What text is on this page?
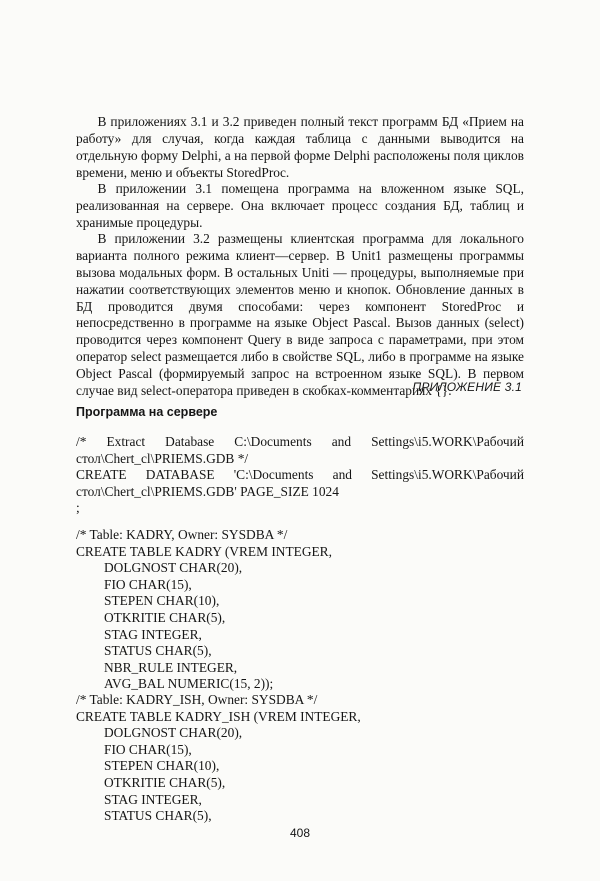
В приложениях 3.1 и 3.2 приведен полный текст программ БД «Прием на работу» для случая, когда каждая таблица с данными выводится на отдельную форму Delphi, а на первой форме Delphi расположены поля циклов времени, меню и объекты StoredProc.

В приложении 3.1 помещена программа на вложенном языке SQL, реализованная на сервере. Она включает процесс создания БД, таблиц и хранимые процедуры.

В приложении 3.2 размещены клиентская программа для локального варианта полного режима клиент—сервер. В Unit1 размещены программы вызова модальных форм. В остальных Uniti — процедуры, выполняемые при нажатии соответствующих элементов меню и кнопок. Обновление данных в БД проводится двумя способами: через компонент StoredProc и непосредственно в программе на языке Object Pascal. Вызов данных (select) проводится через компонент Query в виде запроса с параметрами, при этом оператор select размещается либо в свойстве SQL, либо в программе на языке Object Pascal (формируемый запрос на встроенном языке SQL). В первом случае вид select-оператора приведен в скобках-комментариях {}.

ПРИЛОЖЕНИЕ 3.1
Программа на сервере
/* Extract Database C:\Documents and Settings\i5.WORK\Рабочий
стол\Chert_cl\PRIEMS.GDB */
CREATE DATABASE 'C:\Documents and Settings\i5.WORK\Рабочий
стол\Chert_cl\PRIEMS.GDB' PAGE_SIZE 1024
;
/* Table: KADRY, Owner: SYSDBA */
CREATE TABLE KADRY (VREM INTEGER,
DOLGNOST CHAR(20),
FIO CHAR(15),
STEPEN CHAR(10),
OTKRITIE CHAR(5),
STAG INTEGER,
STATUS CHAR(5),
NBR_RULE INTEGER,
AVG_BAL NUMERIC(15, 2));
/* Table: KADRY_ISH, Owner: SYSDBA */
CREATE TABLE KADRY_ISH (VREM INTEGER,
DOLGNOST CHAR(20),
FIO CHAR(15),
STEPEN CHAR(10),
OTKRITIE CHAR(5),
STAG INTEGER,
STATUS CHAR(5),
408
